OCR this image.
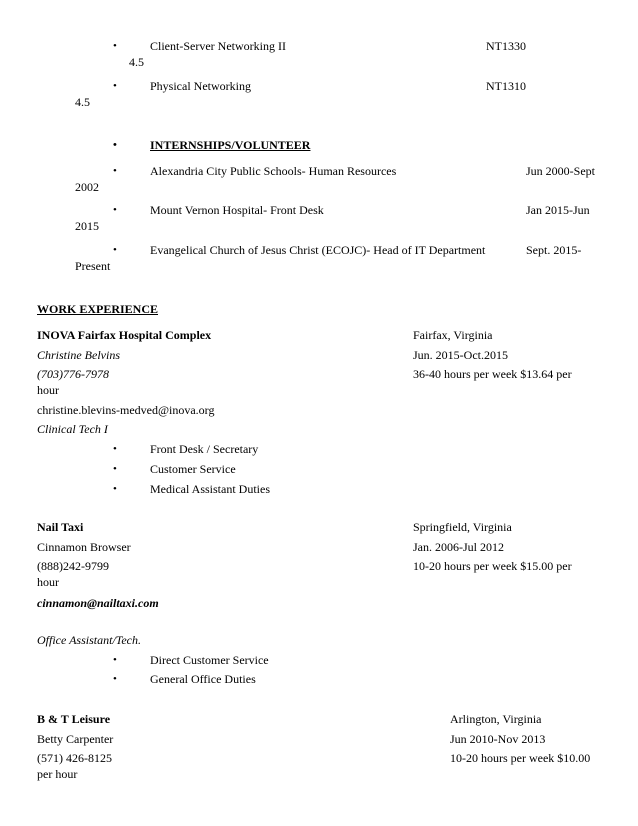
•	Client-Server Networking II	NT1330
4.5
•	Physical Networking	NT1310
4.5
•	INTERNSHIPS/VOLUNTEER
•	Alexandria City Public Schools- Human Resources	Jun 2000-Sept
2002
•	Mount Vernon Hospital- Front Desk	Jan 2015-Jun
2015
•	Evangelical Church of Jesus Christ (ECOJC)- Head of IT Department	Sept. 2015-
Present
WORK EXPERIENCE
INOVA Fairfax Hospital Complex	Fairfax, Virginia
Christine Belvins	Jun. 2015-Oct.2015
(703)776-7978	36-40 hours per week $13.64 per
hour
christine.blevins-medved@inova.org
Clinical Tech I
•	Front Desk / Secretary
•	Customer Service
•	Medical Assistant Duties
Nail Taxi	Springfield, Virginia
Cinnamon Browser	Jan. 2006-Jul 2012
(888)242-9799	10-20 hours per week $15.00 per
hour
cinnamon@nailtaxi.com
Office Assistant/Tech.
•	Direct Customer Service
•	General Office Duties
B & T Leisure	Arlington, Virginia
Betty Carpenter	Jun 2010-Nov 2013
(571) 426-8125	10-20 hours per week $10.00
per hour
